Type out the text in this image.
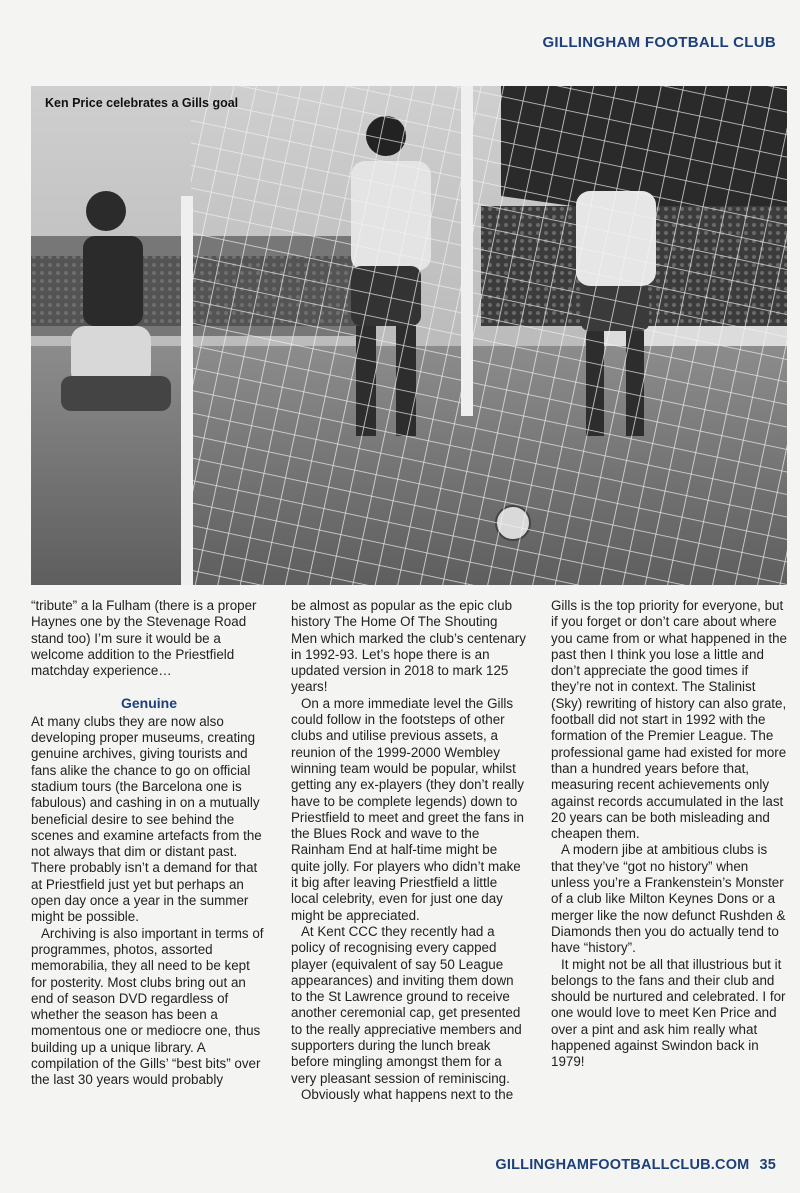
GILLINGHAM FOOTBALL CLUB
Ken Price celebrates a Gills goal

“tribute” a la Fulham (there is a proper Haynes one by the Stevenage Road stand too) I’m sure it would be a welcome addition to the Priestfield matchday experience…

Genuine

At many clubs they are now also developing proper museums, creating genuine archives, giving tourists and fans alike the chance to go on official stadium tours (the Barcelona one is fabulous) and cashing in on a mutually beneficial desire to see behind the scenes and examine artefacts from the not always that dim or distant past. There probably isn’t a demand for that at Priestfield just yet but perhaps an open day once a year in the summer might be possible.

Archiving is also important in terms of programmes, photos, assorted memorabilia, they all need to be kept for posterity. Most clubs bring out an end of season DVD regardless of whether the season has been a momentous one or mediocre one, thus building up a unique library. A compilation of the Gills’ “best bits” over the last 30 years would probably

be almost as popular as the epic club history The Home Of The Shouting Men which marked the club’s centenary in 1992-93. Let’s hope there is an updated version in 2018 to mark 125 years!

On a more immediate level the Gills could follow in the footsteps of other clubs and utilise previous assets, a reunion of the 1999-2000 Wembley winning team would be popular, whilst getting any ex-players (they don’t really have to be complete legends) down to Priestfield to meet and greet the fans in the Blues Rock and wave to the Rainham End at half-time might be quite jolly. For players who didn’t make it big after leaving Priestfield a little local celebrity, even for just one day might be appreciated.

At Kent CCC they recently had a policy of recognising every capped player (equivalent of say 50 League appearances) and inviting them down to the St Lawrence ground to receive another ceremonial cap, get presented to the really appreciative members and supporters during the lunch break before mingling amongst them for a very pleasant session of reminiscing.

Obviously what happens next to the

Gills is the top priority for everyone, but if you forget or don’t care about where you came from or what happened in the past then I think you lose a little and don’t appreciate the good times if they’re not in context. The Stalinist (Sky) rewriting of history can also grate, football did not start in 1992 with the formation of the Premier League. The professional game had existed for more than a hundred years before that, measuring recent achievements only against records accumulated in the last 20 years can be both misleading and cheapen them.

A modern jibe at ambitious clubs is that they’ve “got no history” when unless you’re a Frankenstein’s Monster of a club like Milton Keynes Dons or a merger like the now defunct Rushden & Diamonds then you do actually tend to have “history”.

It might not be all that illustrious but it belongs to the fans and their club and should be nurtured and celebrated. I for one would love to meet Ken Price and over a pint and ask him really what happened against Swindon back in 1979!

GILLINGHAMFOOTBALLCLUB.COM 35
